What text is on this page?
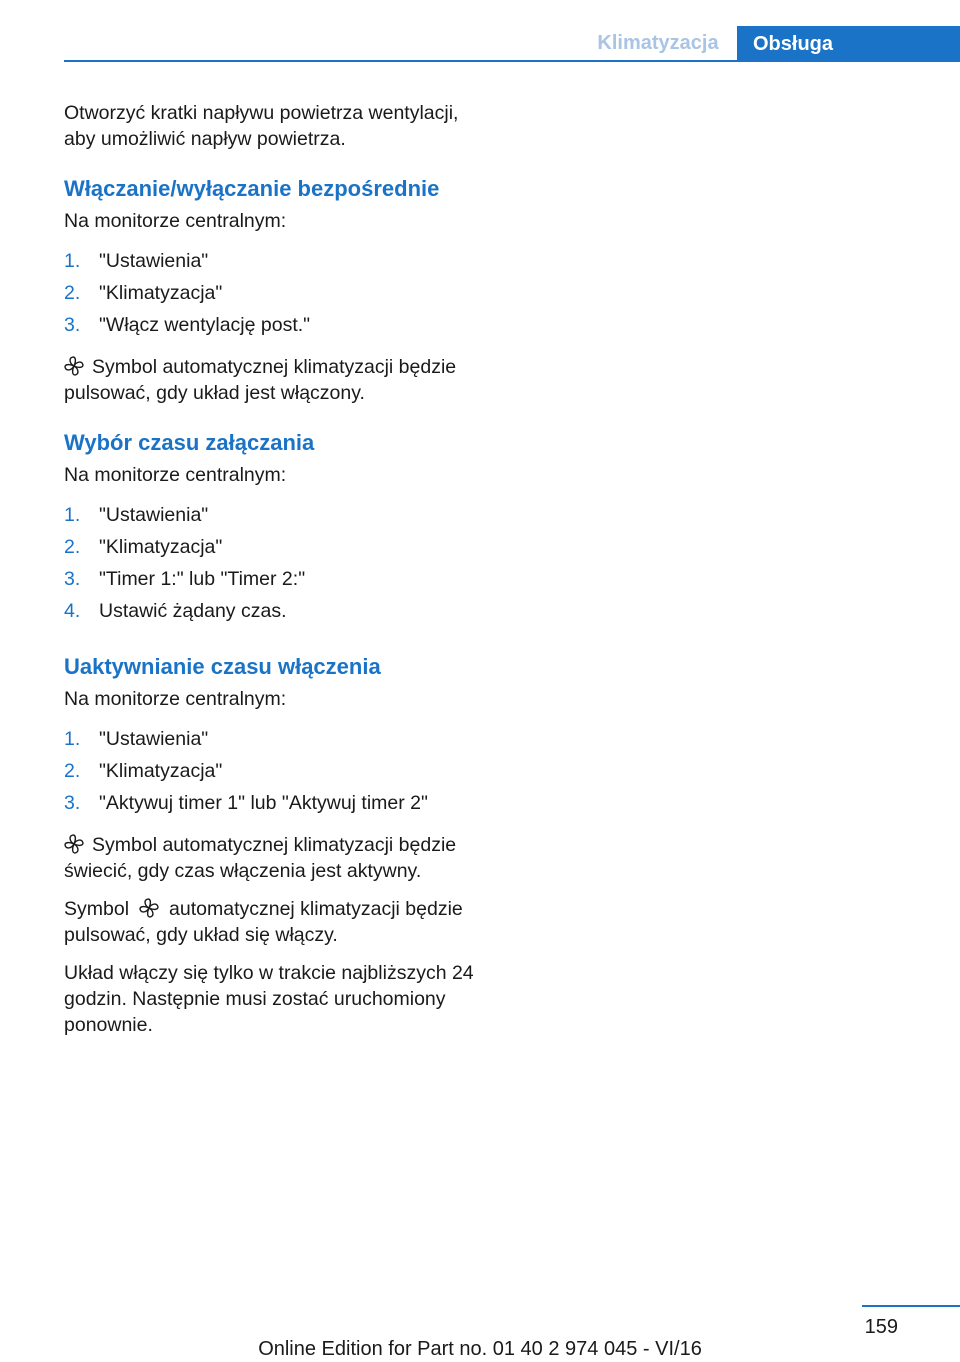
Klimatyzacja	Obsługa

Otworzyć kratki napływu powietrza wentylacji, aby umożliwić napływ powietrza.

Włączanie/wyłączanie bezpośrednie

Na monitorze centralnym:

1. "Ustawienia"
2. "Klimatyzacja"
3. "Włącz wentylację post."

Symbol automatycznej klimatyzacji będzie pulsować, gdy układ jest włączony.

Wybór czasu załączania

Na monitorze centralnym:

1. "Ustawienia"
2. "Klimatyzacja"
3. "Timer 1:" lub "Timer 2:"
4. Ustawić żądany czas.
Uaktywnianie czasu włączenia

Na monitorze centralnym:

1. "Ustawienia"
2. "Klimatyzacja"
3. "Aktywuj timer 1" lub "Aktywuj timer 2"

Symbol automatycznej klimatyzacji będzie świecić, gdy czas włączenia jest aktywny.

Symbol automatycznej klimatyzacji będzie pulsować, gdy układ się włączy.

Układ włączy się tylko w trakcie najbliższych 24 godzin. Następnie musi zostać uruchomiony ponownie.

159
Online Edition for Part no. 01 40 2 974 045 - VI/16
